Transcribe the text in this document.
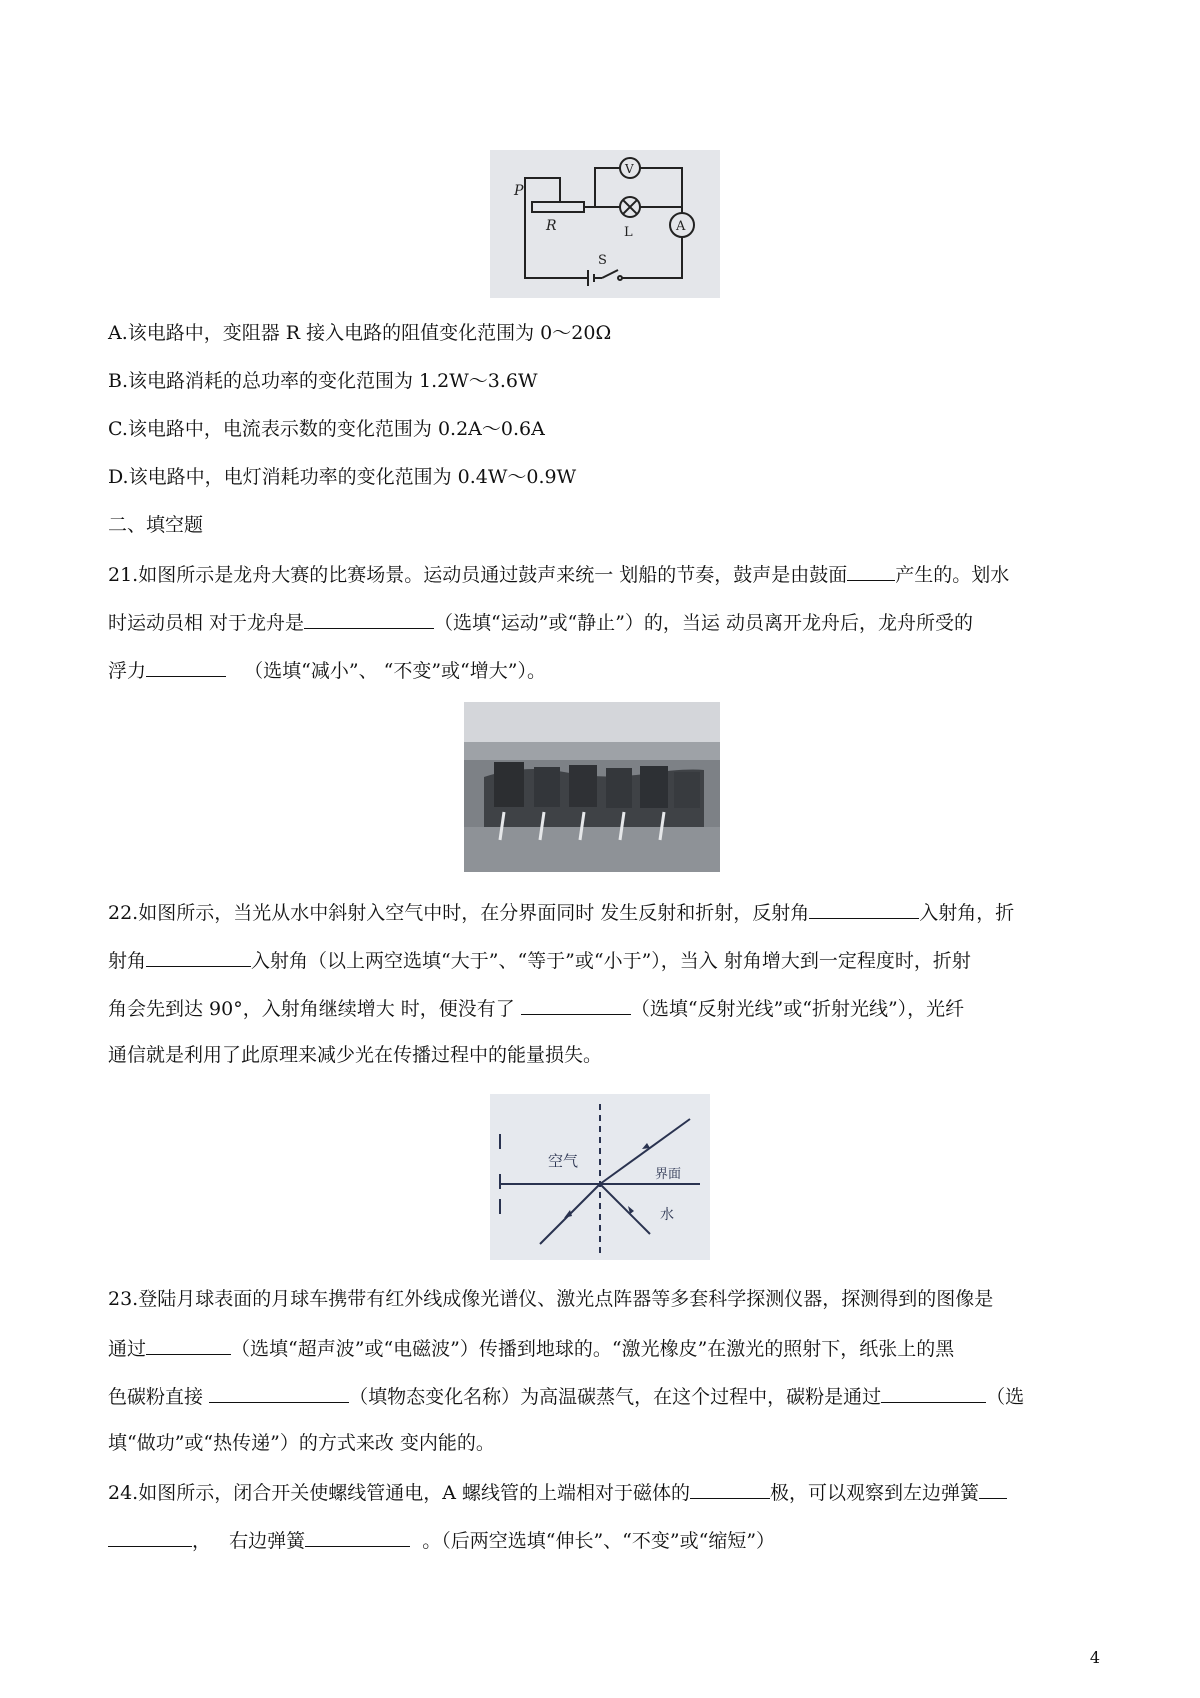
P
R
V
L	A
S
A.该电路中，变阻器 R 接入电路的阻值变化范围为 0～20Ω
B.该电路消耗的总功率的变化范围为 1.2W～3.6W
C.该电路中，电流表示数的变化范围为 0.2A～0.6A
D.该电路中，电灯消耗功率的变化范围为 0.4W～0.9W
二、填空题
21.如图所示是龙舟大赛的比赛场景。运动员通过鼓声来统一 划船的节奏，鼓声是由鼓面	产生的。划水
时运动员相 对于龙舟是	（选填“运动”或“静止”）的，当运 动员离开龙舟后，龙舟所受的
浮力	（选填“减小”、 “不变”或“增大”）。
22.如图所示，当光从水中斜射入空气中时，在分界面同时 发生反射和折射，反射角	入射角，折
射角	入射角（以上两空选填“大于”、“等于”或“小于”），当入 射角增大到一定程度时，折射
角会先到达 90°，入射角继续增大 时，便没有了	（选填“反射光线”或“折射光线”），光纤
通信就是利用了此原理来减少光在传播过程中的能量损失。
空气
界面
水
23.登陆月球表面的月球车携带有红外线成像光谱仪、激光点阵器等多套科学探测仪器，探测得到的图像是
通过	（选填“超声波”或“电磁波”）传播到地球的。“激光橡皮”在激光的照射下，纸张上的黑
色碳粉直接	（填物态变化名称）为高温碳蒸气，在这个过程中，碳粉是通过	（选
填“做功”或“热传递”）的方式来改 变内能的。
24.如图所示，闭合开关使螺线管通电，A 螺线管的上端相对于磁体的	极，可以观察到左边弹簧
， 右边弹簧	。（后两空选填“伸长”、“不变”或“缩短”）
4
